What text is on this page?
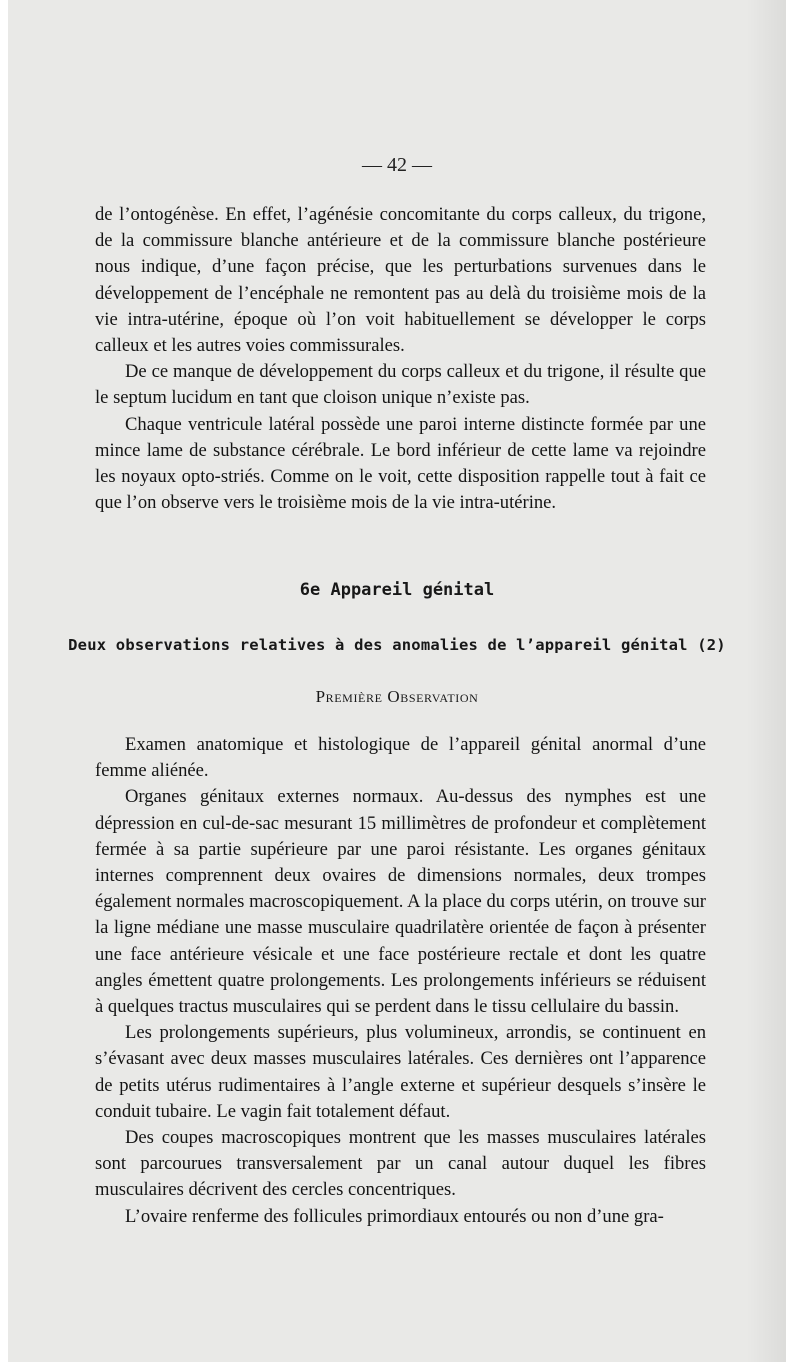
— 42 —

de l’ontogénèse. En effet, l’agénésie concomitante du corps calleux, du trigone, de la commissure blanche antérieure et de la commissure blanche postérieure nous indique, d’une façon précise, que les perturbations survenues dans le développement de l’encéphale ne remontent pas au delà du troisième mois de la vie intra-utérine, époque où l’on voit habituellement se développer le corps calleux et les autres voies commissurales.

De ce manque de développement du corps calleux et du trigone, il résulte que le septum lucidum en tant que cloison unique n’existe pas.

Chaque ventricule latéral possède une paroi interne distincte formée par une mince lame de substance cérébrale. Le bord inférieur de cette lame va rejoindre les noyaux opto-striés. Comme on le voit, cette disposition rappelle tout à fait ce que l’on observe vers le troisième mois de la vie intra-utérine.

6e Appareil génital
Deux observations relatives à des anomalies de l’appareil génital (2)
Première Observation

Examen anatomique et histologique de l’appareil génital anormal d’une femme aliénée.

Organes génitaux externes normaux. Au-dessus des nymphes est une dépression en cul-de-sac mesurant 15 millimètres de profondeur et complètement fermée à sa partie supérieure par une paroi résistante. Les organes génitaux internes comprennent deux ovaires de dimensions normales, deux trompes également normales macroscopiquement. A la place du corps utérin, on trouve sur la ligne médiane une masse musculaire quadrilatère orientée de façon à présenter une face antérieure vésicale et une face postérieure rectale et dont les quatre angles émettent quatre prolongements. Les prolongements inférieurs se réduisent à quelques tractus musculaires qui se perdent dans le tissu cellulaire du bassin.

Les prolongements supérieurs, plus volumineux, arrondis, se continuent en s’évasant avec deux masses musculaires latérales. Ces dernières ont l’apparence de petits utérus rudimentaires à l’angle externe et supérieur desquels s’insère le conduit tubaire. Le vagin fait totalement défaut.

Des coupes macroscopiques montrent que les masses musculaires latérales sont parcourues transversalement par un canal autour duquel les fibres musculaires décrivent des cercles concentriques.

L’ovaire renferme des follicules primordiaux entourés ou non d’une gra-
